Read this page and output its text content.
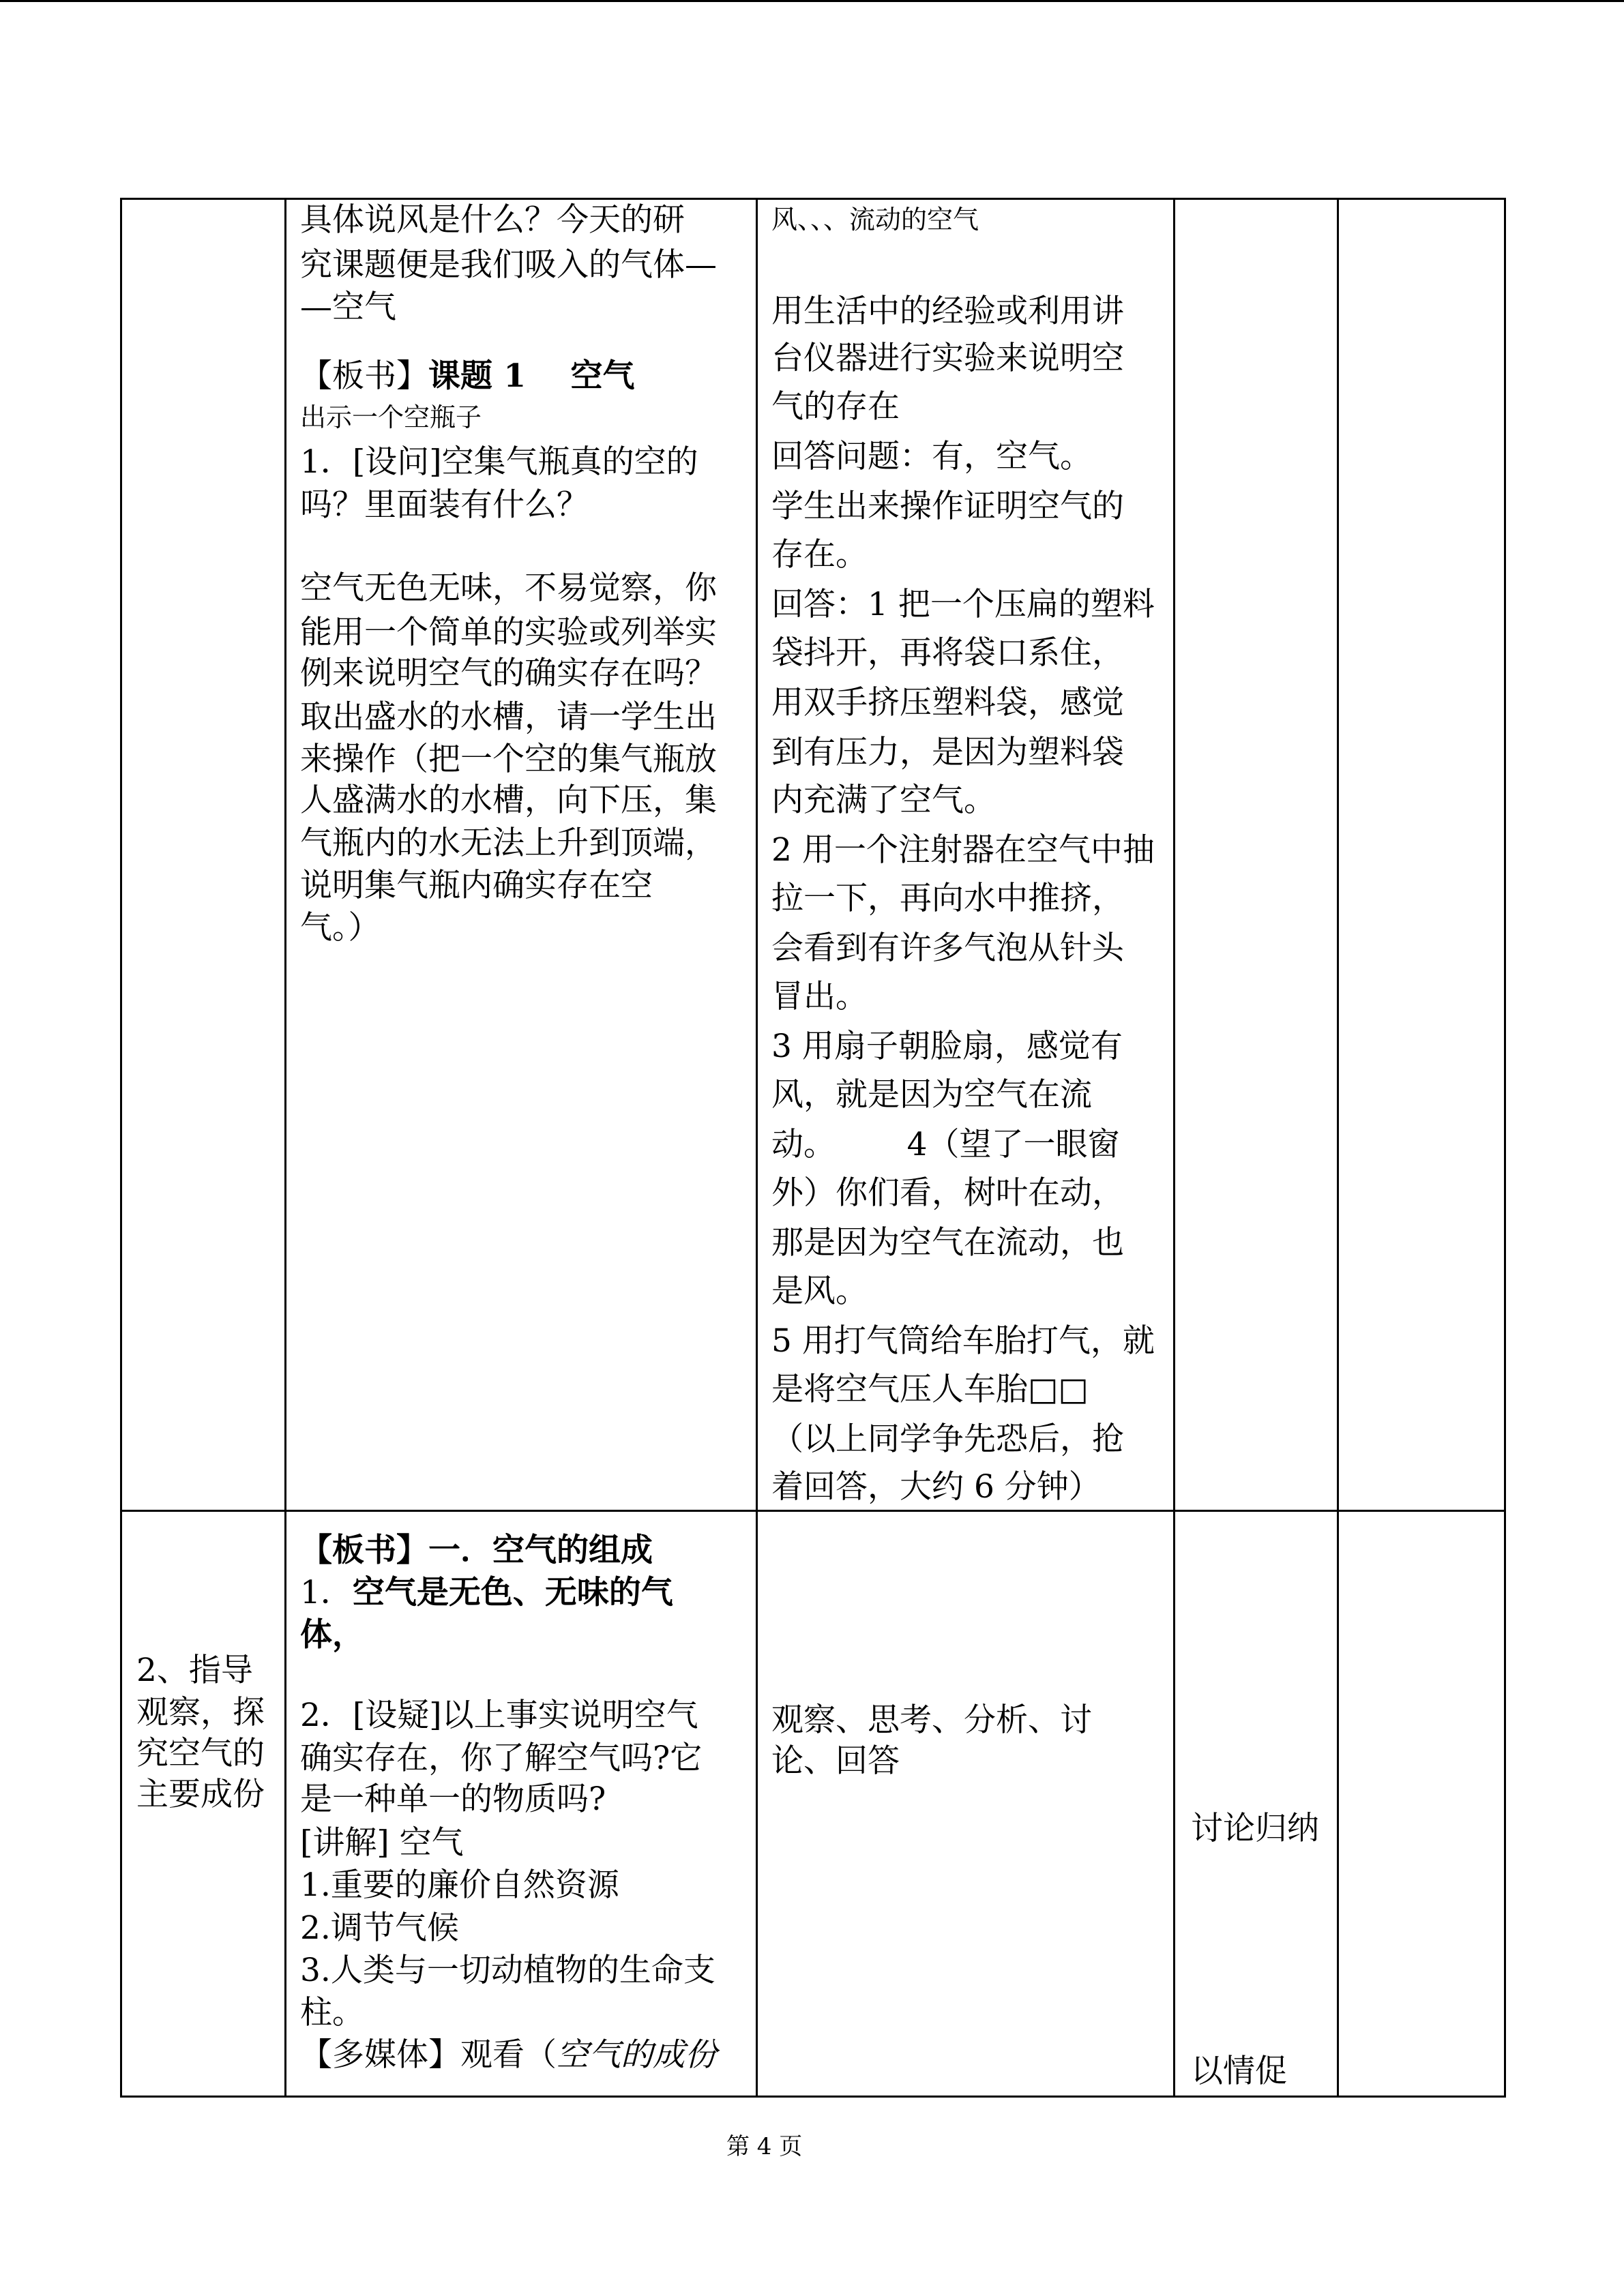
具体说风是什么？今天的研
究课题便是我们吸入的气体—
—空气
【板书】课题 1    空气
出示一个空瓶子
1．[设问]空集气瓶真的空的
吗？里面装有什么？
空气无色无味，不易觉察，你
能用一个简单的实验或列举实
例来说明空气的确实存在吗？
取出盛水的水槽，请一学生出
来操作（把一个空的集气瓶放
人盛满水的水槽，向下压，集
气瓶内的水无法上升到顶端，
说明集气瓶内确实存在空
气。）
风、、、流动的空气
用生活中的经验或利用讲
台仪器进行实验来说明空
气的存在
回答问题：有，空气。
学生出来操作证明空气的
存在。
回答：1 把一个压扁的塑料
袋抖开，再将袋口系住，
用双手挤压塑料袋，感觉
到有压力，是因为塑料袋
内充满了空气。
2 用一个注射器在空气中抽
拉一下，再向水中推挤，
会看到有许多气泡从针头
冒出。
3 用扇子朝脸扇，感觉有
风，就是因为空气在流
动。       4（望了一眼窗
外）你们看，树叶在动，
那是因为空气在流动，也
是风。
5 用打气筒给车胎打气，就
是将空气压人车胎□□
（以上同学争先恐后，抢
着回答，大约 6 分钟）
2、指导
观察，探
究空气的
主要成份
【板书】一．空气的组成
1．空气是无色、无味的气
体，
2．[设疑]以上事实说明空气
确实存在，你了解空气吗?它
是一种单一的物质吗?
[讲解] 空气
1.重要的廉价自然资源
2.调节气候
3.人类与一切动植物的生命支
柱。
【多媒体】观看（空气的成份
观察、思考、分析、讨
论、回答
讨论归纳
以情促
第 4 页
